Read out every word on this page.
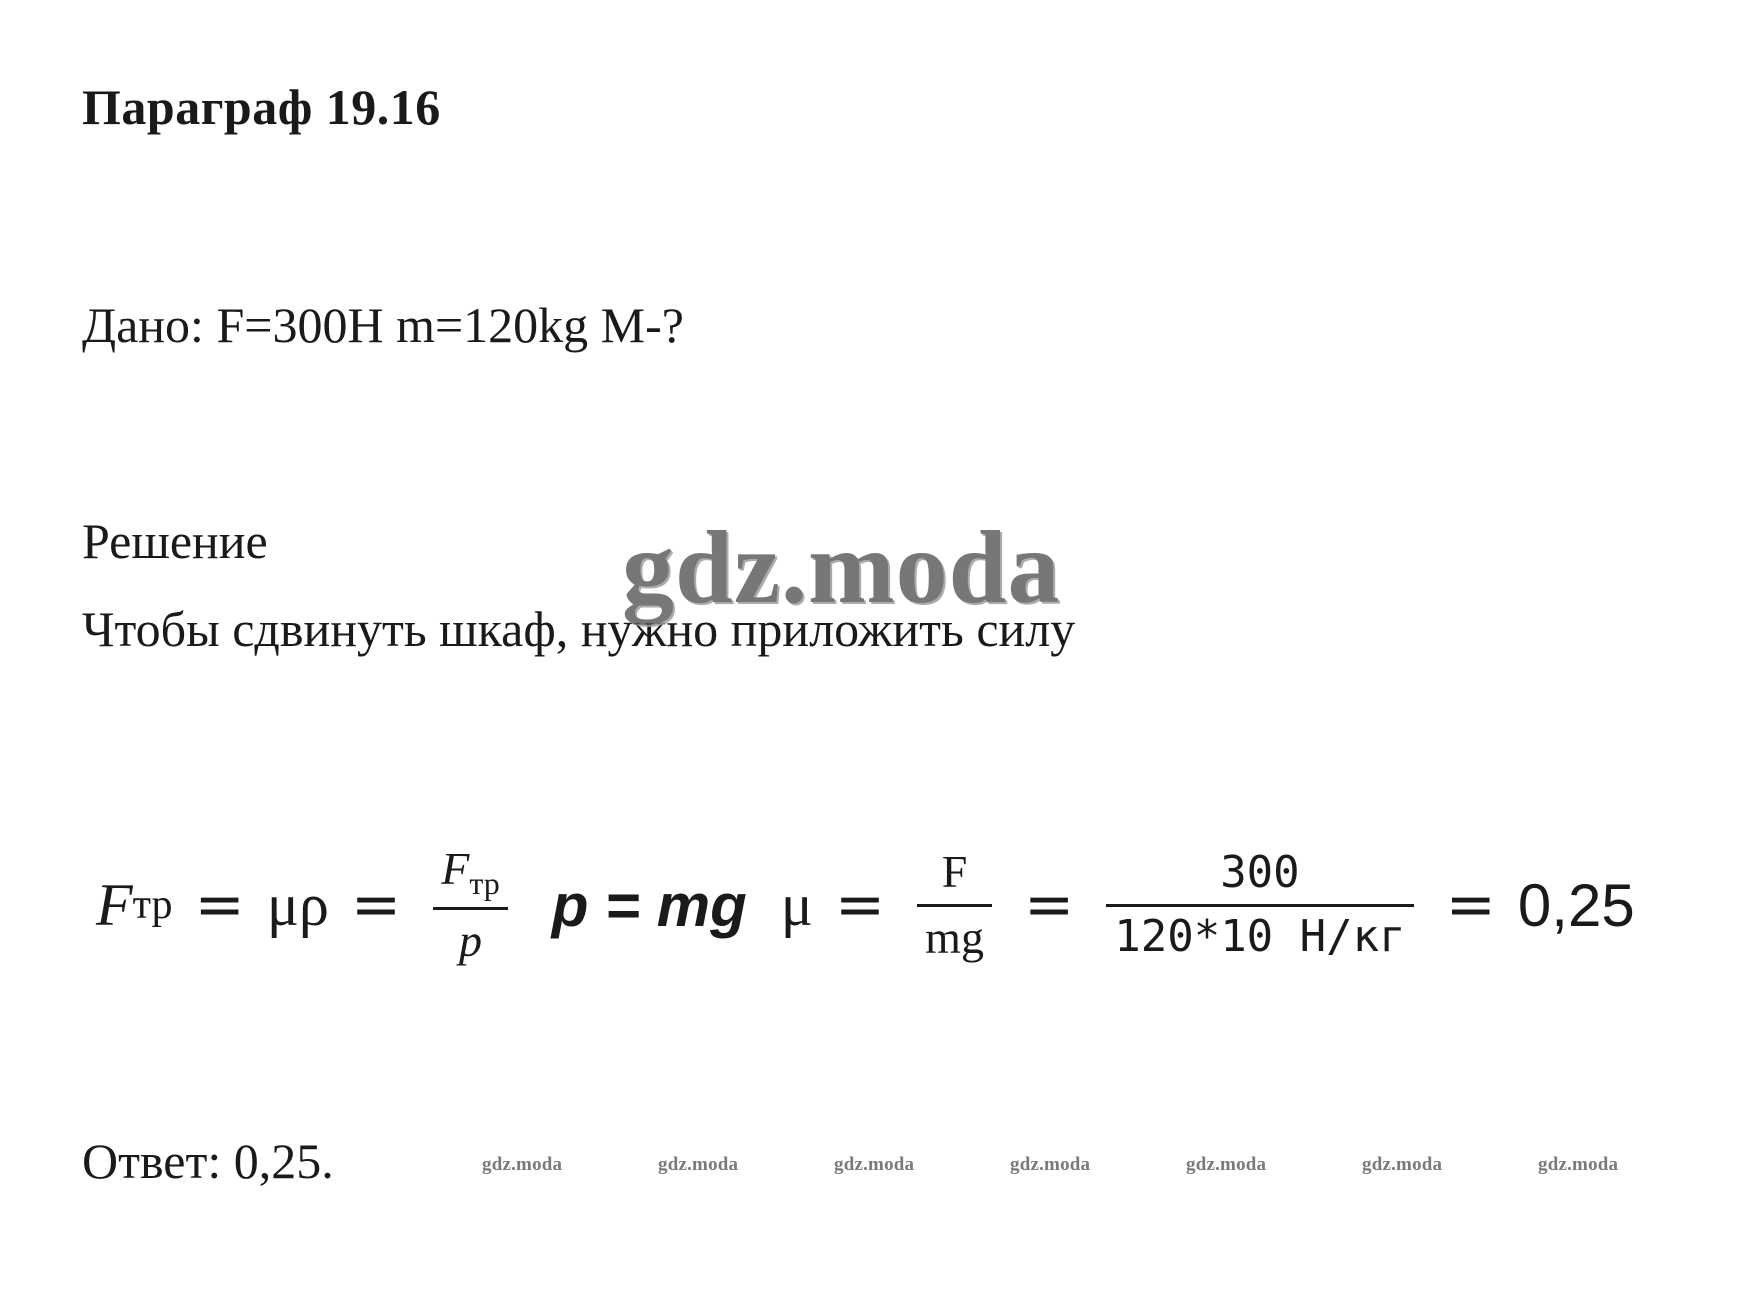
Параграф 19.16
Дано: F=300Н m=120kg M-?
Решение
Чтобы сдвинуть шкаф, нужно приложить силу
gdz.moda
F тр = $\mu\rho = \frac{F_{тр}}{p}$ p = mg $\mu = \frac{F}{mg} = \frac{300}{120*10 Н/кг} = 0,25$
Ответ: 0,25.	gdz.moda	gdz.moda	gdz.moda	gdz.moda	gdz.moda	gdz.moda	gdz.moda
